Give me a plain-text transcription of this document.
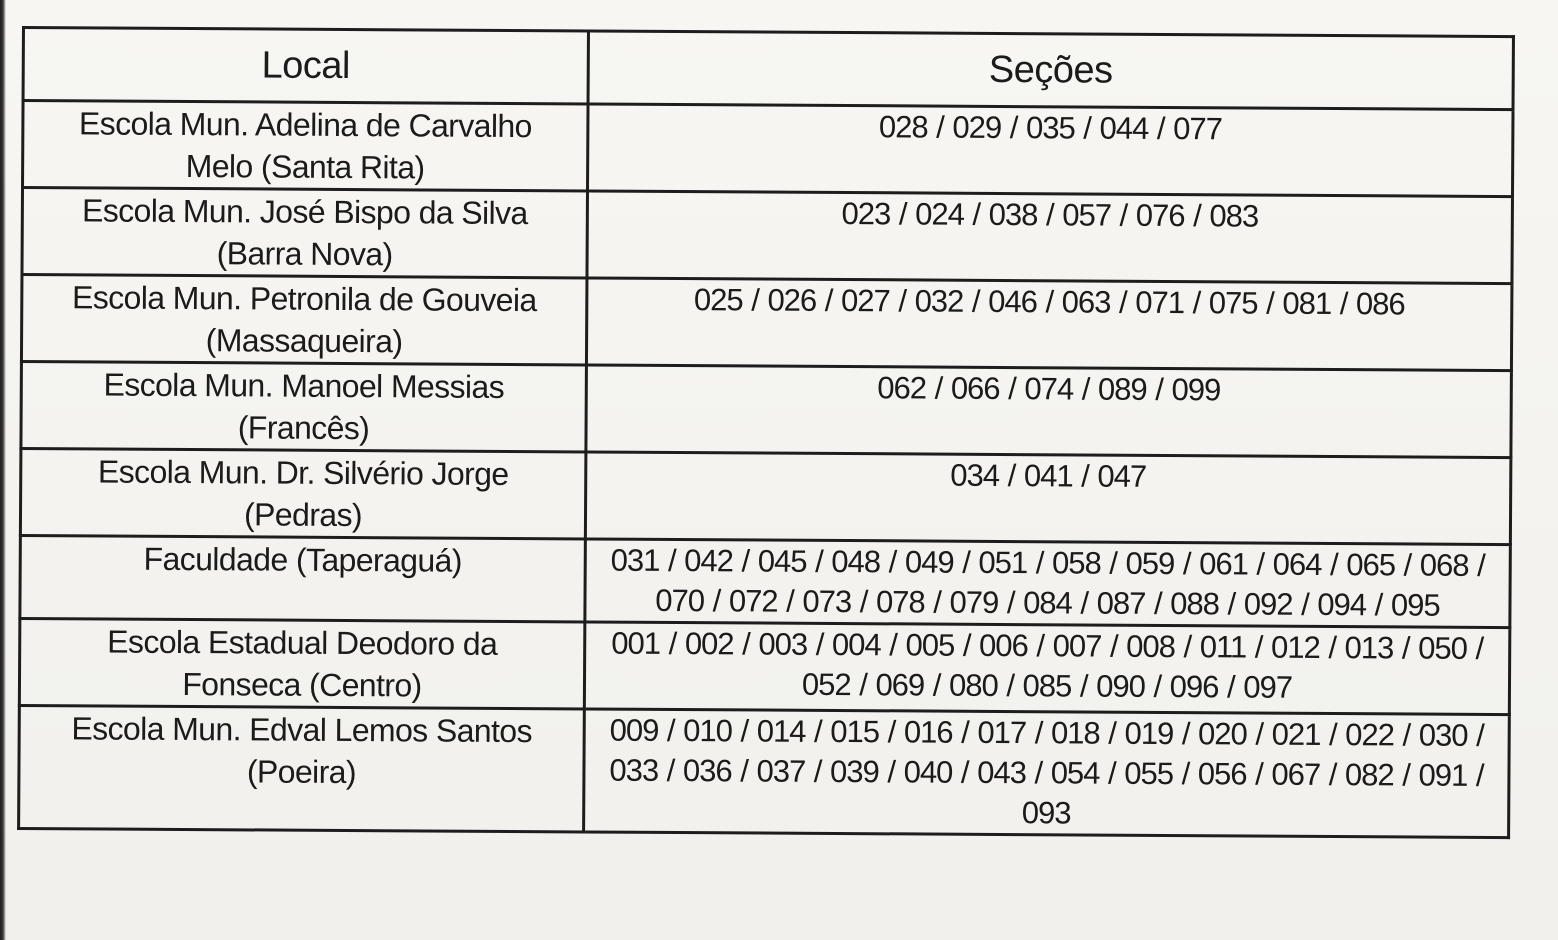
Local	Seções

Escola Mun. Adelina de Carvalho
Melo (Santa Rita)	028 / 029 / 035 / 044 / 077

Escola Mun. José Bispo da Silva
(Barra Nova)	023 / 024 / 038 / 057 / 076 / 083

Escola Mun. Petronila de Gouveia
(Massaqueira)	025 / 026 / 027 / 032 / 046 / 063 / 071 / 075 / 081 / 086

Escola Mun. Manoel Messias
(Francês)	062 / 066 / 074 / 089 / 099

Escola Mun. Dr. Silvério Jorge
(Pedras)	034 / 041 / 047

Faculdade (Taperaguá)	031 / 042 / 045 / 048 / 049 / 051 / 058 / 059 / 061 / 064 / 065 / 068 / 070 / 072 / 073 / 078 / 079 / 084 / 087 / 088 / 092 / 094 / 095

Escola Estadual Deodoro da
Fonseca (Centro)	001 / 002 / 003 / 004 / 005 / 006 / 007 / 008 / 011 / 012 / 013 / 050 / 052 / 069 / 080 / 085 / 090 / 096 / 097

Escola Mun. Edval Lemos Santos
(Poeira)	009 / 010 / 014 / 015 / 016 / 017 / 018 / 019 / 020 / 021 / 022 / 030 / 033 / 036 / 037 / 039 / 040 / 043 / 054 / 055 / 056 / 067 / 082 / 091 / 093
